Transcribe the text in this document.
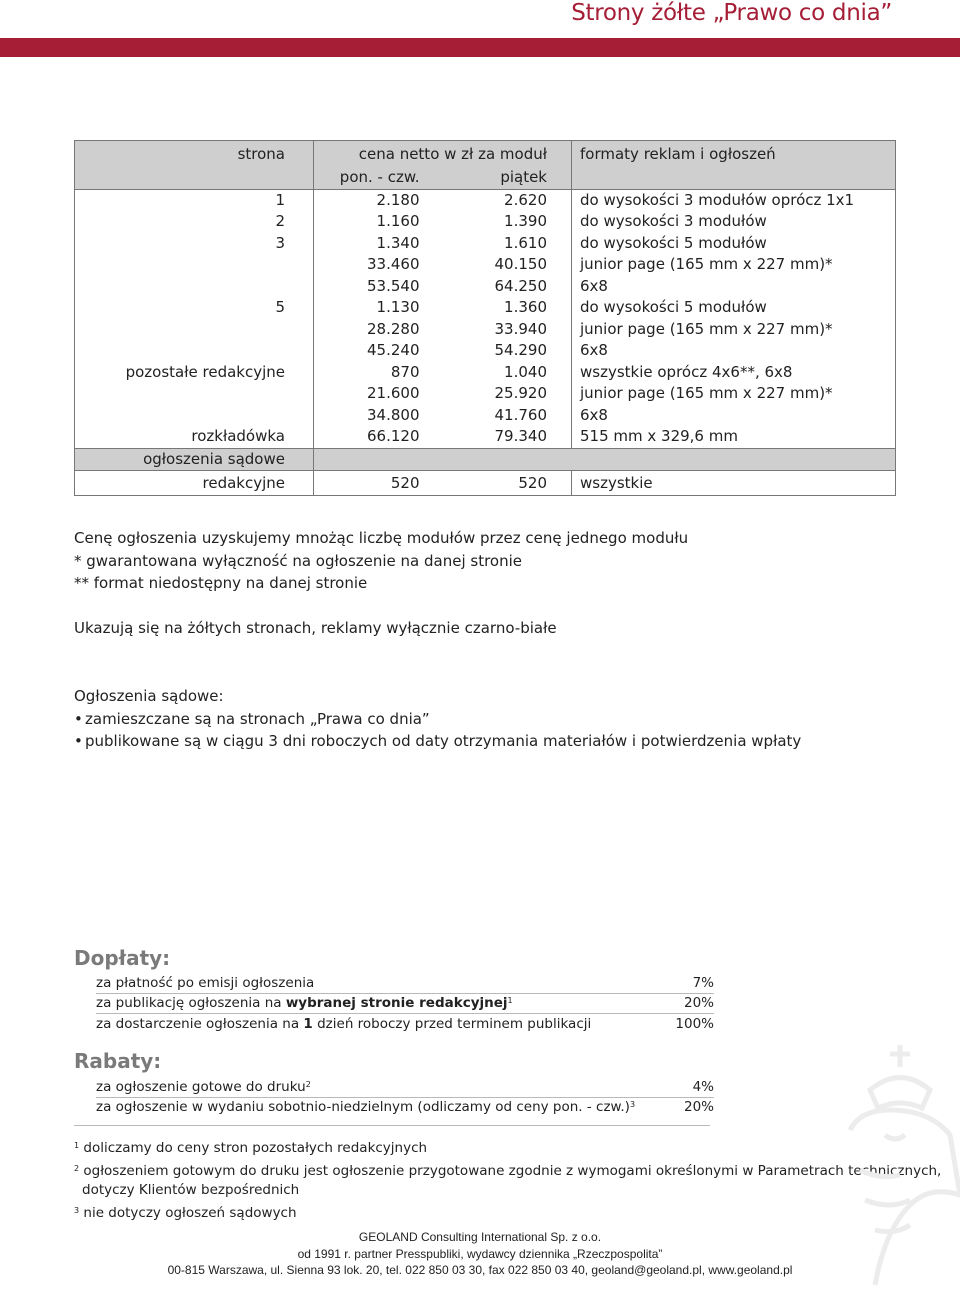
Strony żółte „Prawo co dnia”
strona	cena netto w zł za moduł		formaty reklam i ogłoszeń
	pon. - czw.	piątek	
1	2.180	2.620	do wysokości 3 modułów oprócz 1x1
2	1.160	1.390	do wysokości 3 modułów
3	1.340	1.610	do wysokości 5 modułów
	33.460	40.150	junior page (165 mm x 227 mm)*
	53.540	64.250	6x8
5	1.130	1.360	do wysokości 5 modułów
	28.280	33.940	junior page (165 mm x 227 mm)*
	45.240	54.290	6x8
pozostałe redakcyjne	870	1.040	wszystkie oprócz 4x6**, 6x8
	21.600	25.920	junior page (165 mm x 227 mm)*
	34.800	41.760	6x8
rozkładówka	66.120	79.340	515 mm x 329,6 mm
ogłoszenia sądowe			
redakcyjne	520	520	wszystkie

Cenę ogłoszenia uzyskujemy mnożąc liczbę modułów przez cenę jednego modułu

* gwarantowana wyłączność na ogłoszenie na danej stronie

** format niedostępny na danej stronie

Ukazują się na żółtych stronach, reklamy wyłącznie czarno-białe

Ogłoszenia sądowe:

• zamieszczane są na stronach „Prawa co dnia”
• publikowane są w ciągu 3 dni roboczych od daty otrzymania materiałów i potwierdzenia wpłaty
Dopłaty:
za płatność po emisji ogłoszenia	7%
za publikację ogłoszenia na wybranej stronie redakcyjnej$^1$	20%
za dostarczenie ogłoszenia na 1 dzień roboczy przed terminem publikacji	100%
Rabaty:
za ogłoszenie gotowe do druku$^2$	4%
za ogłoszenie w wydaniu sobotnio-niedzielnym (odliczamy od ceny pon. - czw.)$^3$	20%

$^1$ doliczamy do ceny stron pozostałych redakcyjnych

$^2$ ogłoszeniem gotowym do druku jest ogłoszenie przygotowane zgodnie z wymogami określonymi w Parametrach technicznych,

dotyczy Klientów bezpośrednich

$^3$ nie dotyczy ogłoszeń sądowych

GEOLAND Consulting International Sp. z o.o.

od 1991 r. partner Presspubliki, wydawcy dziennika „Rzeczpospolita”

00-815 Warszawa, ul. Sienna 93 lok. 20, tel. 022 850 03 30, fax 022 850 03 40, geoland@geoland.pl, www.geoland.pl
